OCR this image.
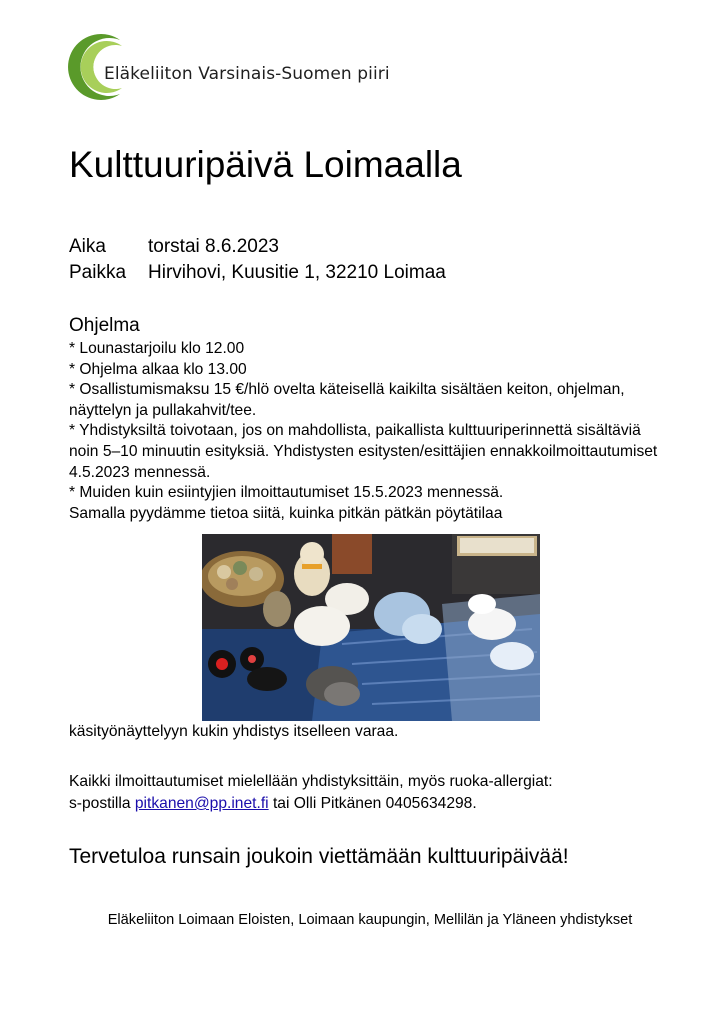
Eläkeliiton Varsinais-Suomen piiri
Kulttuuripäivä Loimaalla
Aika	torstai 8.6.2023
Paikka	Hirvihovi, Kuusitie 1, 32210 Loimaa
Ohjelma

* Lounastarjoilu klo 12.00

* Ohjelma alkaa klo 13.00

* Osallistumismaksu 15 €/hlö ovelta käteisellä kaikilta sisältäen keiton, ohjelman, näyttelyn ja pullakahvit/tee.

* Yhdistyksiltä toivotaan, jos on mahdollista, paikallista kulttuuriperinnettä sisältäviä noin 5–10 minuutin esityksiä. Yhdistysten esitysten/esittäjien ennakkoilmoittautumiset 4.5.2023 mennessä.

* Muiden kuin esiintyjien ilmoittautumiset 15.5.2023 mennessä.

Samalla pyydämme tietoa siitä, kuinka pitkän pätkän pöytätilaa

käsityönäyttelyyn kukin yhdistys itselleen varaa.
Kaikki ilmoittautumiset mielellään yhdistyksittäin, myös ruoka-allergiat:
s-postilla pitkanen@pp.inet.fi tai Olli Pitkänen 0405634298.
Tervetuloa runsain joukoin viettämään kulttuuripäivää!
Eläkeliiton Loimaan Eloisten, Loimaan kaupungin, Mellilän ja Yläneen yhdistykset
